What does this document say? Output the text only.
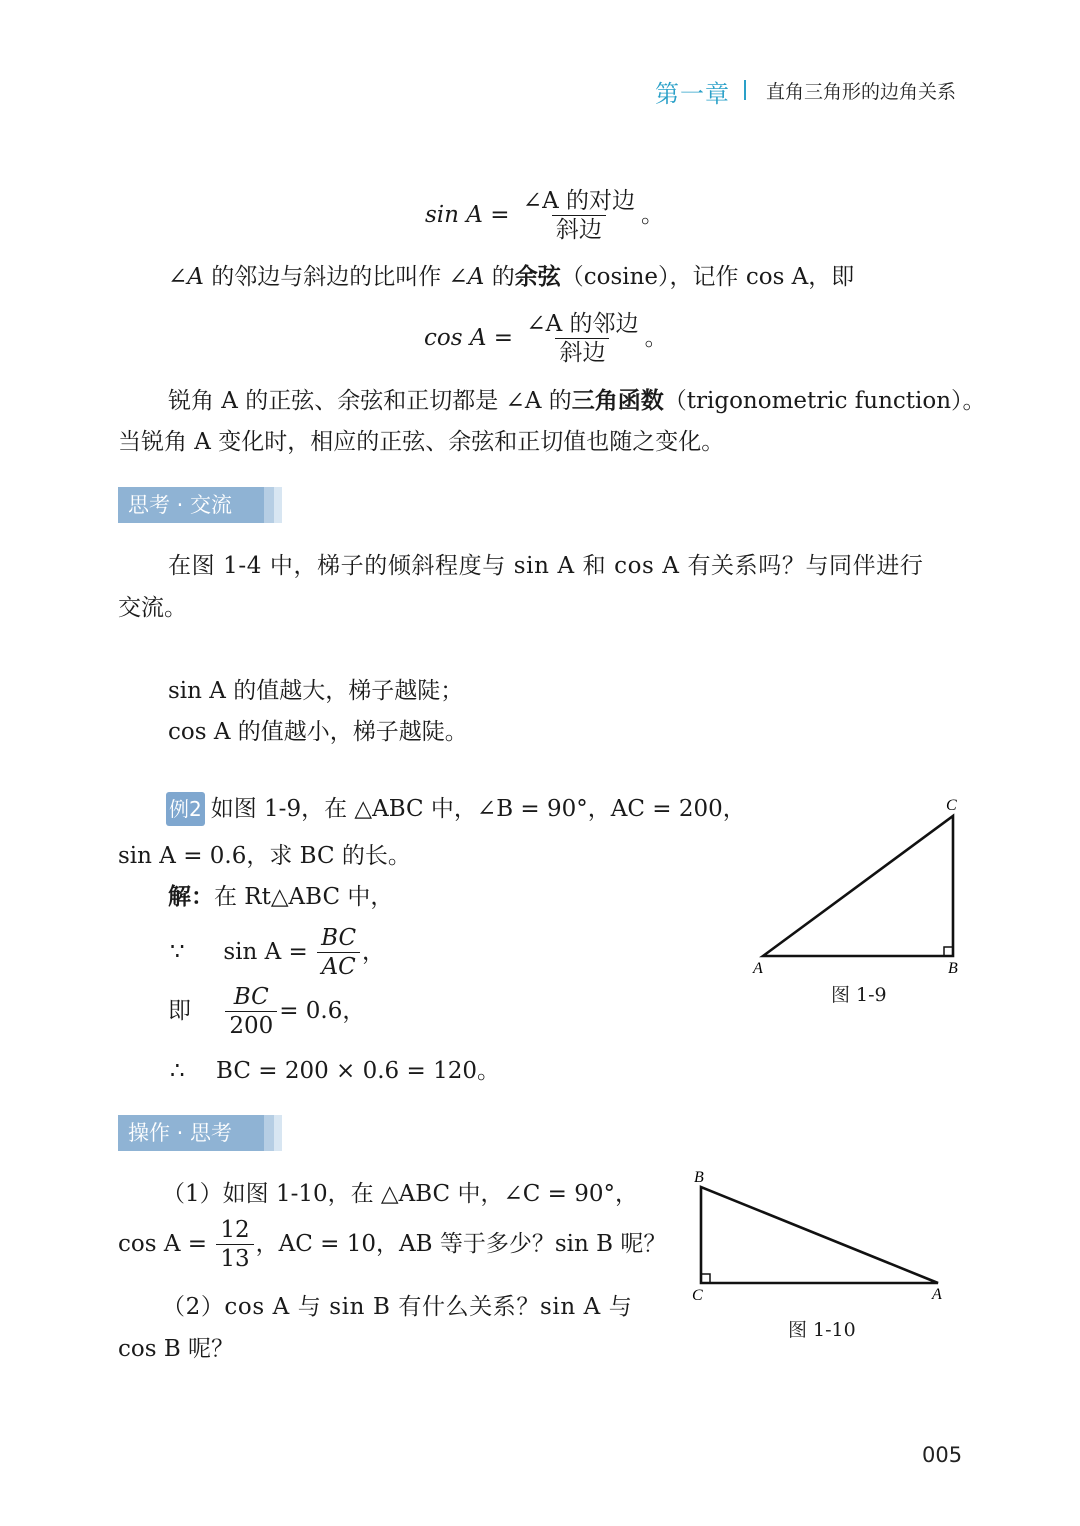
第一章 直角三角形的边角关系
$\sin A = \frac{\text{∠A 的对边}}{\text{斜边}}$ 。
∠A 的邻边与斜边的比叫作 ∠A 的余弦（cosine），记作 cos A，即
$\cos A = \frac{\text{∠A 的邻边}}{\text{斜边}}$ 。
锐角 A 的正弦、余弦和正切都是 ∠A 的三角函数（trigonometric function）。
当锐角 A 变化时，相应的正弦、余弦和正切值也随之变化。
思考 · 交流
在图 1-4 中，梯子的倾斜程度与 sin A 和 cos A 有关系吗？与同伴进行
交流。
sin A 的值越大，梯子越陡；
cos A 的值越小，梯子越陡。
例2 如图 1-9，在 △ABC 中，∠B = 90°，AC = 200，
sin A = 0.6，求 BC 的长。
解：在 Rt△ABC 中，
∵ $\sin A = \frac{BC}{AC}$ ，
即 $\frac{BC}{200} = 0.6$，
∴ BC = 200 × 0.6 = 120。
A	B
C
图 1-9
操作 · 思考
（1）如图 1-10，在 △ABC 中，∠C = 90°，
$\cos A = \frac{12}{13}$ ，AC = 10，AB 等于多少？sin B 呢？
（2）cos A 与 sin B 有什么关系？sin A 与
cos B 呢？
B
C	A
图 1-10
005
